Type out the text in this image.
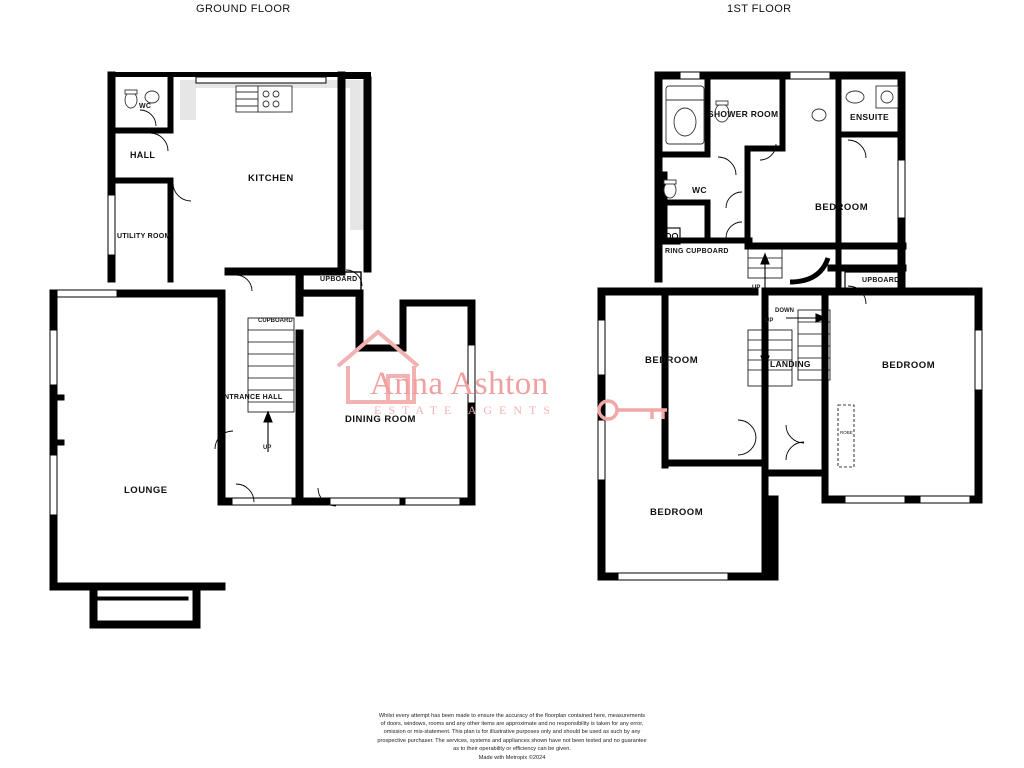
GROUND FLOOR	1ST FLOOR
WC
HALL
KITCHEN
UTILITY ROOM
UPBOARD
CUPBOARD
NTRANCE HALL
DINING ROOM
LOUNGE
UP
SHOWER ROOM	ENSUITE
WC
RING CUPBOARD
BEDROOM
UPBOARD
BEDROOM	LANDING	BEDROOM
BEDROOM
ROBE
UP
DOWN
UP
Anna Ashton
ESTATE AGENTS
Whilst every attempt has been made to ensure the accuracy of the floorplan contained here, measurements
of doors, windows, rooms and any other items are approximate and no responsibility is taken for any error,
omission or mis-statement. This plan is for illustrative purposes only and should be used as such by any
prospective purchaser. The services, systems and appliances shown have not been tested and no guarantee
as to their operability or efficiency can be given.
Made with Metropix ©2024
